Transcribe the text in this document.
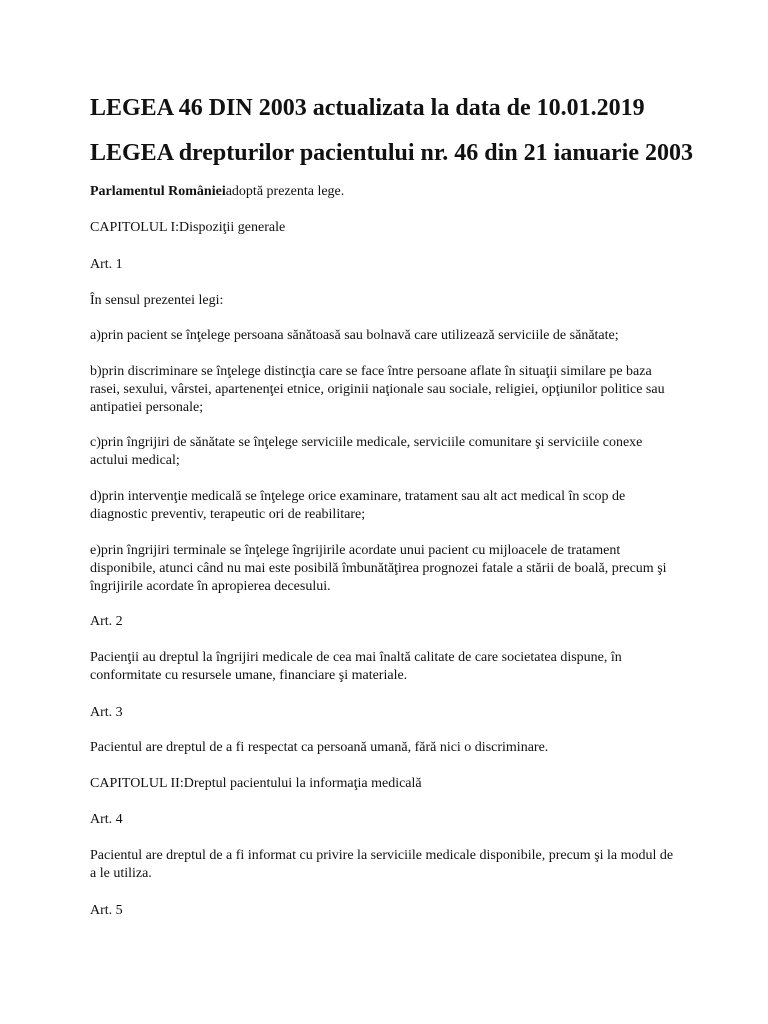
LEGEA 46 DIN 2003 actualizata la data de 10.01.2019
LEGEA drepturilor pacientului nr. 46 din 21 ianuarie 2003

Parlamentul Românieiadoptă prezenta lege.

CAPITOLUL I:Dispoziţii generale

Art. 1

În sensul prezentei legi:

a)prin pacient se înţelege persoana sănătoasă sau bolnavă care utilizează serviciile de sănătate;

b)prin discriminare se înţelege distincţia care se face între persoane aflate în situaţii similare pe baza rasei, sexului, vârstei, apartenenţei etnice, originii naţionale sau sociale, religiei, opţiunilor politice sau antipatiei personale;

c)prin îngrijiri de sănătate se înţelege serviciile medicale, serviciile comunitare şi serviciile conexe actului medical;

d)prin intervenţie medicală se înţelege orice examinare, tratament sau alt act medical în scop de diagnostic preventiv, terapeutic ori de reabilitare;

e)prin îngrijiri terminale se înţelege îngrijirile acordate unui pacient cu mijloacele de tratament disponibile, atunci când nu mai este posibilă îmbunătăţirea prognozei fatale a stării de boală, precum şi îngrijirile acordate în apropierea decesului.

Art. 2

Pacienţii au dreptul la îngrijiri medicale de cea mai înaltă calitate de care societatea dispune, în conformitate cu resursele umane, financiare şi materiale.

Art. 3

Pacientul are dreptul de a fi respectat ca persoană umană, fără nici o discriminare.

CAPITOLUL II:Dreptul pacientului la informaţia medicală

Art. 4

Pacientul are dreptul de a fi informat cu privire la serviciile medicale disponibile, precum şi la modul de a le utiliza.

Art. 5
